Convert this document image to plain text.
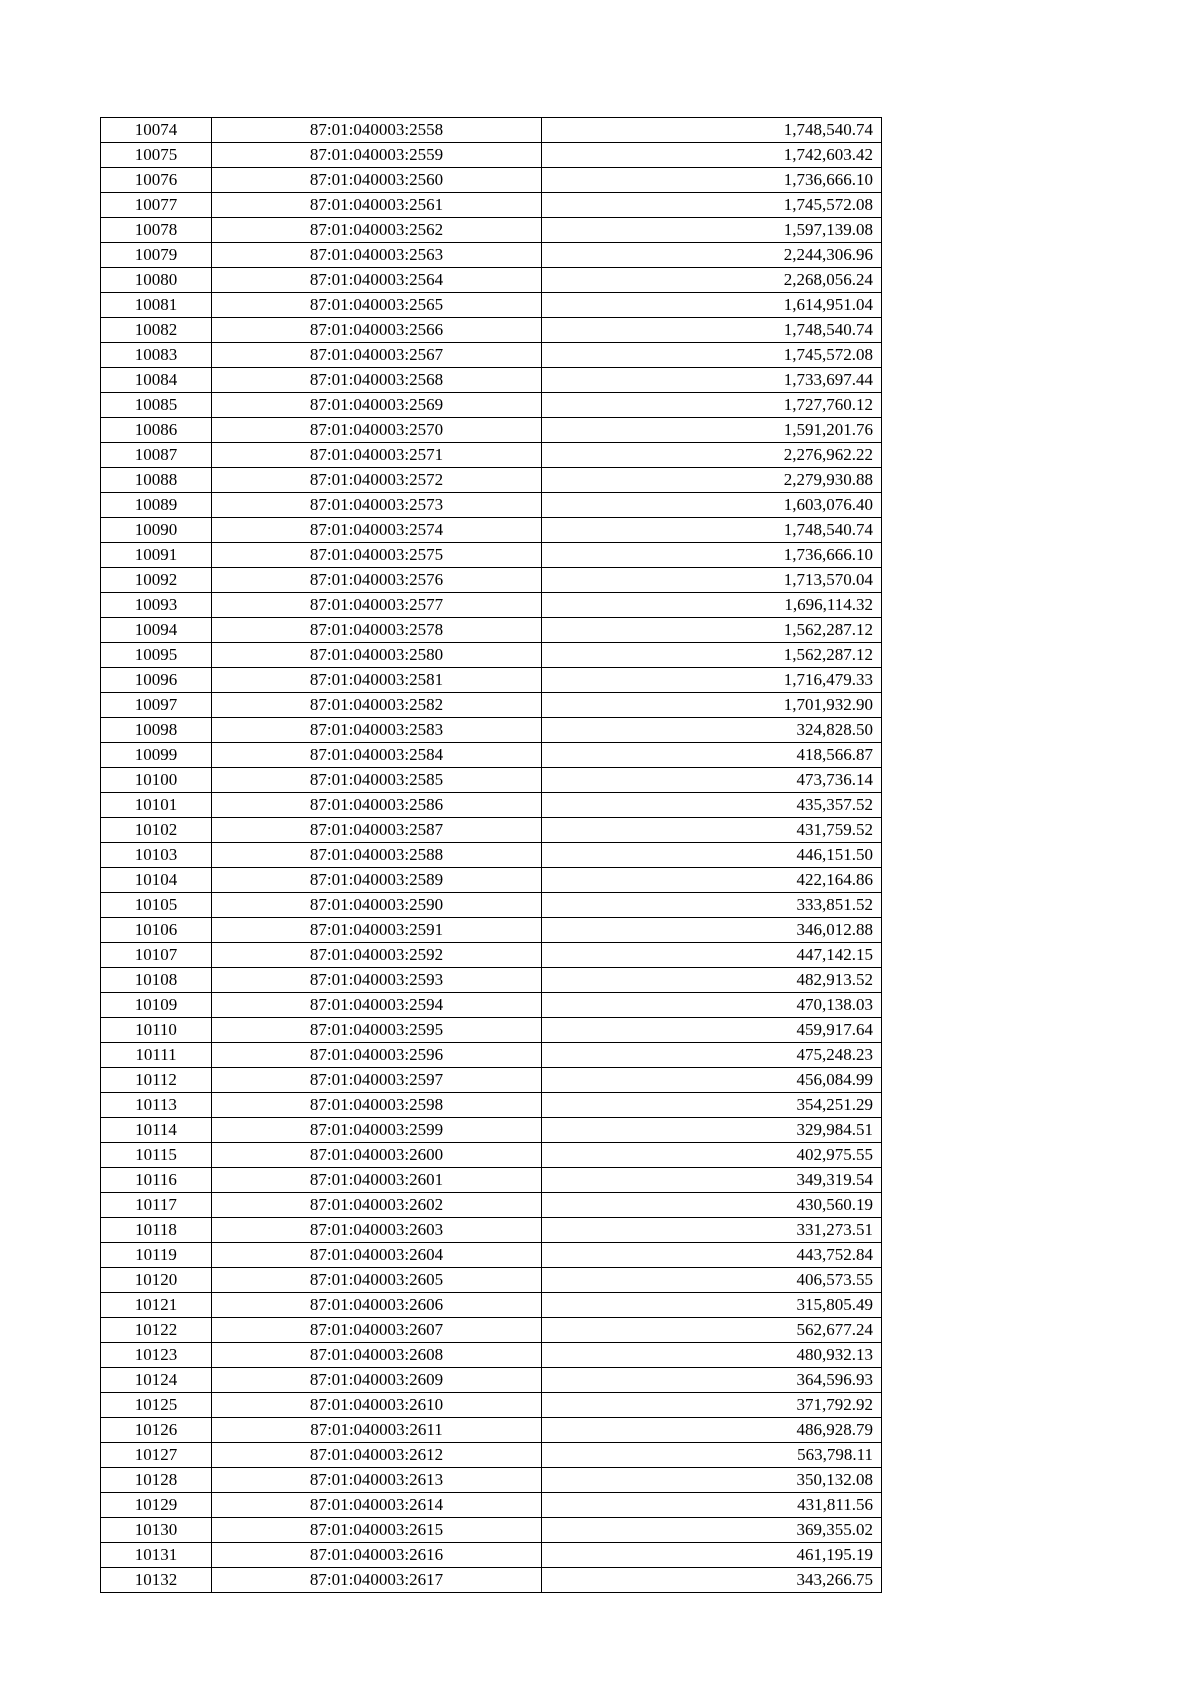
10074	87:01:040003:2558	1,748,540.74
10075	87:01:040003:2559	1,742,603.42
10076	87:01:040003:2560	1,736,666.10
10077	87:01:040003:2561	1,745,572.08
10078	87:01:040003:2562	1,597,139.08
10079	87:01:040003:2563	2,244,306.96
10080	87:01:040003:2564	2,268,056.24
10081	87:01:040003:2565	1,614,951.04
10082	87:01:040003:2566	1,748,540.74
10083	87:01:040003:2567	1,745,572.08
10084	87:01:040003:2568	1,733,697.44
10085	87:01:040003:2569	1,727,760.12
10086	87:01:040003:2570	1,591,201.76
10087	87:01:040003:2571	2,276,962.22
10088	87:01:040003:2572	2,279,930.88
10089	87:01:040003:2573	1,603,076.40
10090	87:01:040003:2574	1,748,540.74
10091	87:01:040003:2575	1,736,666.10
10092	87:01:040003:2576	1,713,570.04
10093	87:01:040003:2577	1,696,114.32
10094	87:01:040003:2578	1,562,287.12
10095	87:01:040003:2580	1,562,287.12
10096	87:01:040003:2581	1,716,479.33
10097	87:01:040003:2582	1,701,932.90
10098	87:01:040003:2583	324,828.50
10099	87:01:040003:2584	418,566.87
10100	87:01:040003:2585	473,736.14
10101	87:01:040003:2586	435,357.52
10102	87:01:040003:2587	431,759.52
10103	87:01:040003:2588	446,151.50
10104	87:01:040003:2589	422,164.86
10105	87:01:040003:2590	333,851.52
10106	87:01:040003:2591	346,012.88
10107	87:01:040003:2592	447,142.15
10108	87:01:040003:2593	482,913.52
10109	87:01:040003:2594	470,138.03
10110	87:01:040003:2595	459,917.64
10111	87:01:040003:2596	475,248.23
10112	87:01:040003:2597	456,084.99
10113	87:01:040003:2598	354,251.29
10114	87:01:040003:2599	329,984.51
10115	87:01:040003:2600	402,975.55
10116	87:01:040003:2601	349,319.54
10117	87:01:040003:2602	430,560.19
10118	87:01:040003:2603	331,273.51
10119	87:01:040003:2604	443,752.84
10120	87:01:040003:2605	406,573.55
10121	87:01:040003:2606	315,805.49
10122	87:01:040003:2607	562,677.24
10123	87:01:040003:2608	480,932.13
10124	87:01:040003:2609	364,596.93
10125	87:01:040003:2610	371,792.92
10126	87:01:040003:2611	486,928.79
10127	87:01:040003:2612	563,798.11
10128	87:01:040003:2613	350,132.08
10129	87:01:040003:2614	431,811.56
10130	87:01:040003:2615	369,355.02
10131	87:01:040003:2616	461,195.19
10132	87:01:040003:2617	343,266.75
